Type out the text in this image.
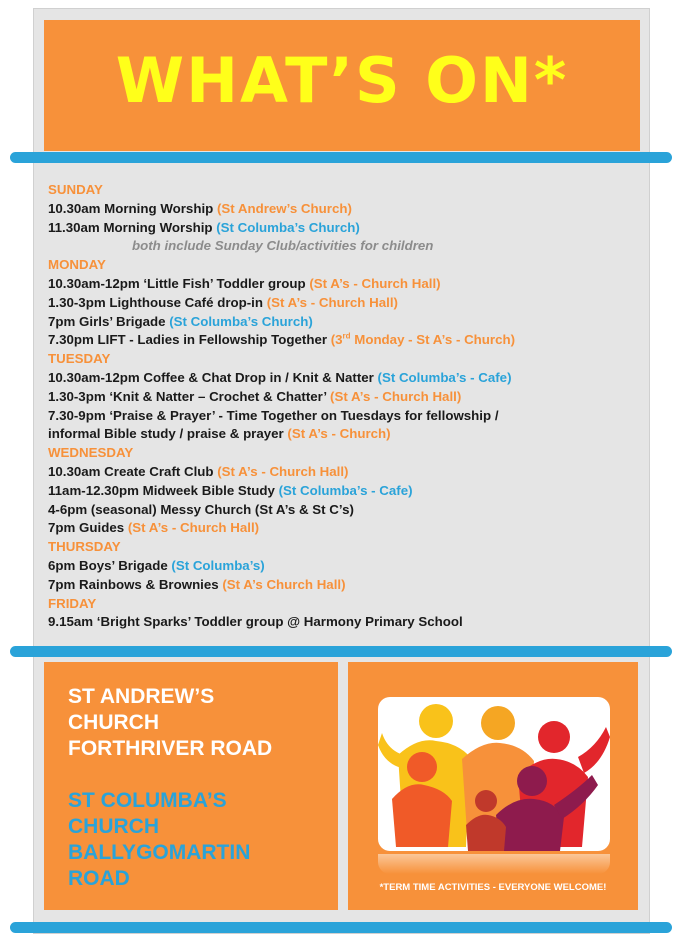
WHAT’S ON*
SUNDAY
10.30am Morning Worship (St Andrew’s Church)
11.30am Morning Worship (St Columba’s Church)
both include Sunday Club/activities for children
MONDAY
10.30am-12pm ‘Little Fish’ Toddler group (St A’s - Church Hall)
1.30-3pm Lighthouse Café drop-in (St A’s - Church Hall)
7pm Girls’ Brigade (St Columba’s Church)
7.30pm LIFT - Ladies in Fellowship Together (3rd Monday - St A’s - Church)
TUESDAY
10.30am-12pm Coffee & Chat Drop in / Knit & Natter (St Columba’s - Cafe)
1.30-3pm ‘Knit & Natter – Crochet & Chatter’ (St A’s - Church Hall)
7.30-9pm ‘Praise & Prayer’ - Time Together on Tuesdays for fellowship /
informal Bible study / praise & prayer (St A’s - Church)
WEDNESDAY
10.30am Create Craft Club (St A’s - Church Hall)
11am-12.30pm Midweek Bible Study (St Columba’s - Cafe)
4-6pm (seasonal) Messy Church (St A’s & St C’s)
7pm Guides (St A’s - Church Hall)
THURSDAY
6pm Boys’ Brigade (St Columba’s)
7pm Rainbows & Brownies (St A’s Church Hall)
FRIDAY
9.15am ‘Bright Sparks’ Toddler group @ Harmony Primary School
ST ANDREW’S
CHURCH
FORTHRIVER ROAD
ST COLUMBA’S
CHURCH
BALLYGOMARTIN
ROAD	*TERM TIME ACTIVITIES - EVERYONE WELCOME!
